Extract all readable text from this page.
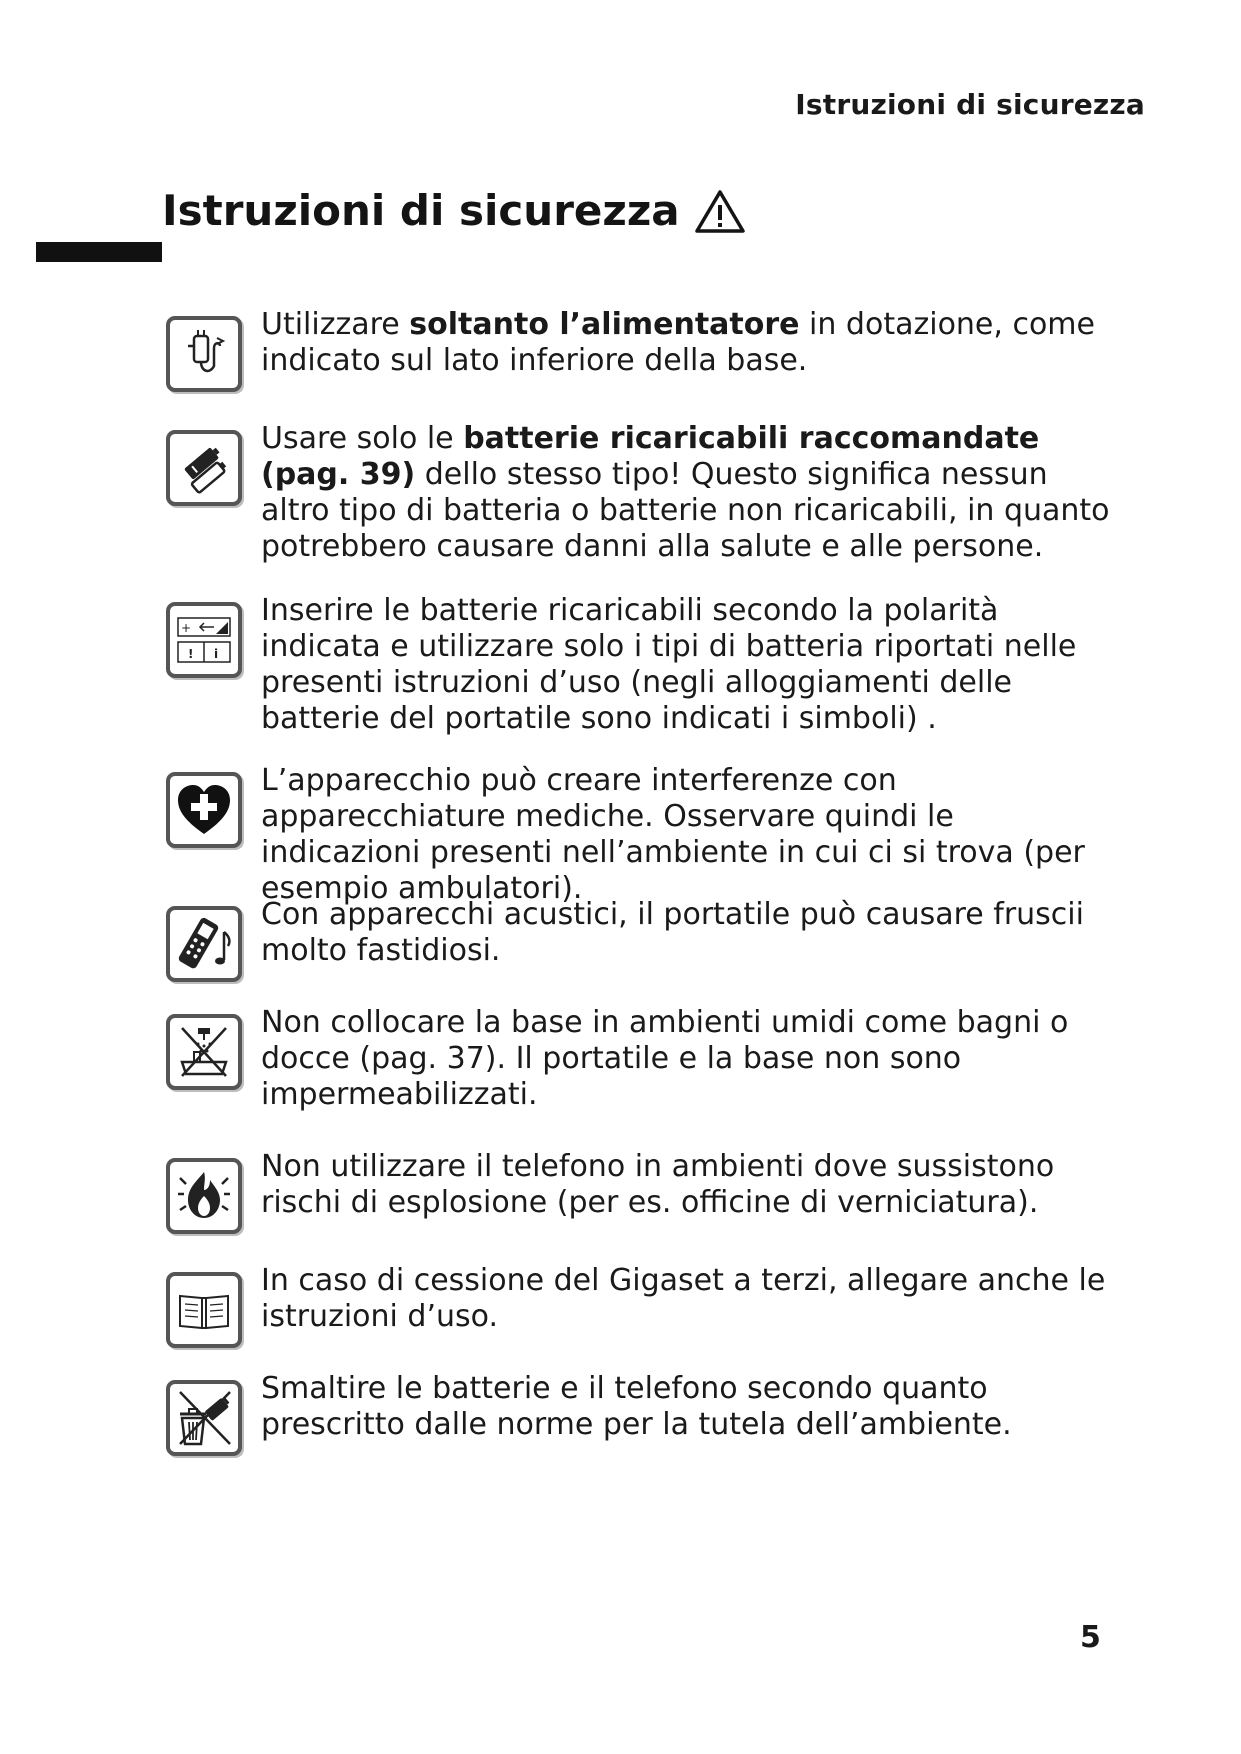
Istruzioni di sicurezza
Istruzioni di sicurezza
Utilizzare soltanto l’alimentatore in dotazione, come indicato sul lato inferiore della base.
Usare solo le batterie ricaricabili raccomandate (pag. 39) dello stesso tipo! Questo significa nessun altro tipo di batteria o batterie non ricaricabili, in quanto potrebbero causare danni alla salute e alle persone.
+
! i
Inserire le batterie ricaricabili secondo la polarità indicata e utilizzare solo i tipi di batteria riportati nelle presenti istruzioni d’uso (negli alloggiamenti delle batterie del portatile sono indicati i simboli) .
L’apparecchio può creare interferenze con apparecchiature mediche. Osservare quindi le indicazioni presenti nell’ambiente in cui ci si trova (per esempio ambulatori).
Con apparecchi acustici, il portatile può causare fruscii molto fastidiosi.
Non collocare la base in ambienti umidi come bagni o docce (pag. 37). Il portatile e la base non sono impermeabilizzati.
Non utilizzare il telefono in ambienti dove sussistono rischi di esplosione (per es. officine di verniciatura).
In caso di cessione del Gigaset a terzi, allegare anche le istruzioni d’uso.
Smaltire le batterie e il telefono secondo quanto prescritto dalle norme per la tutela dell’ambiente.
5
